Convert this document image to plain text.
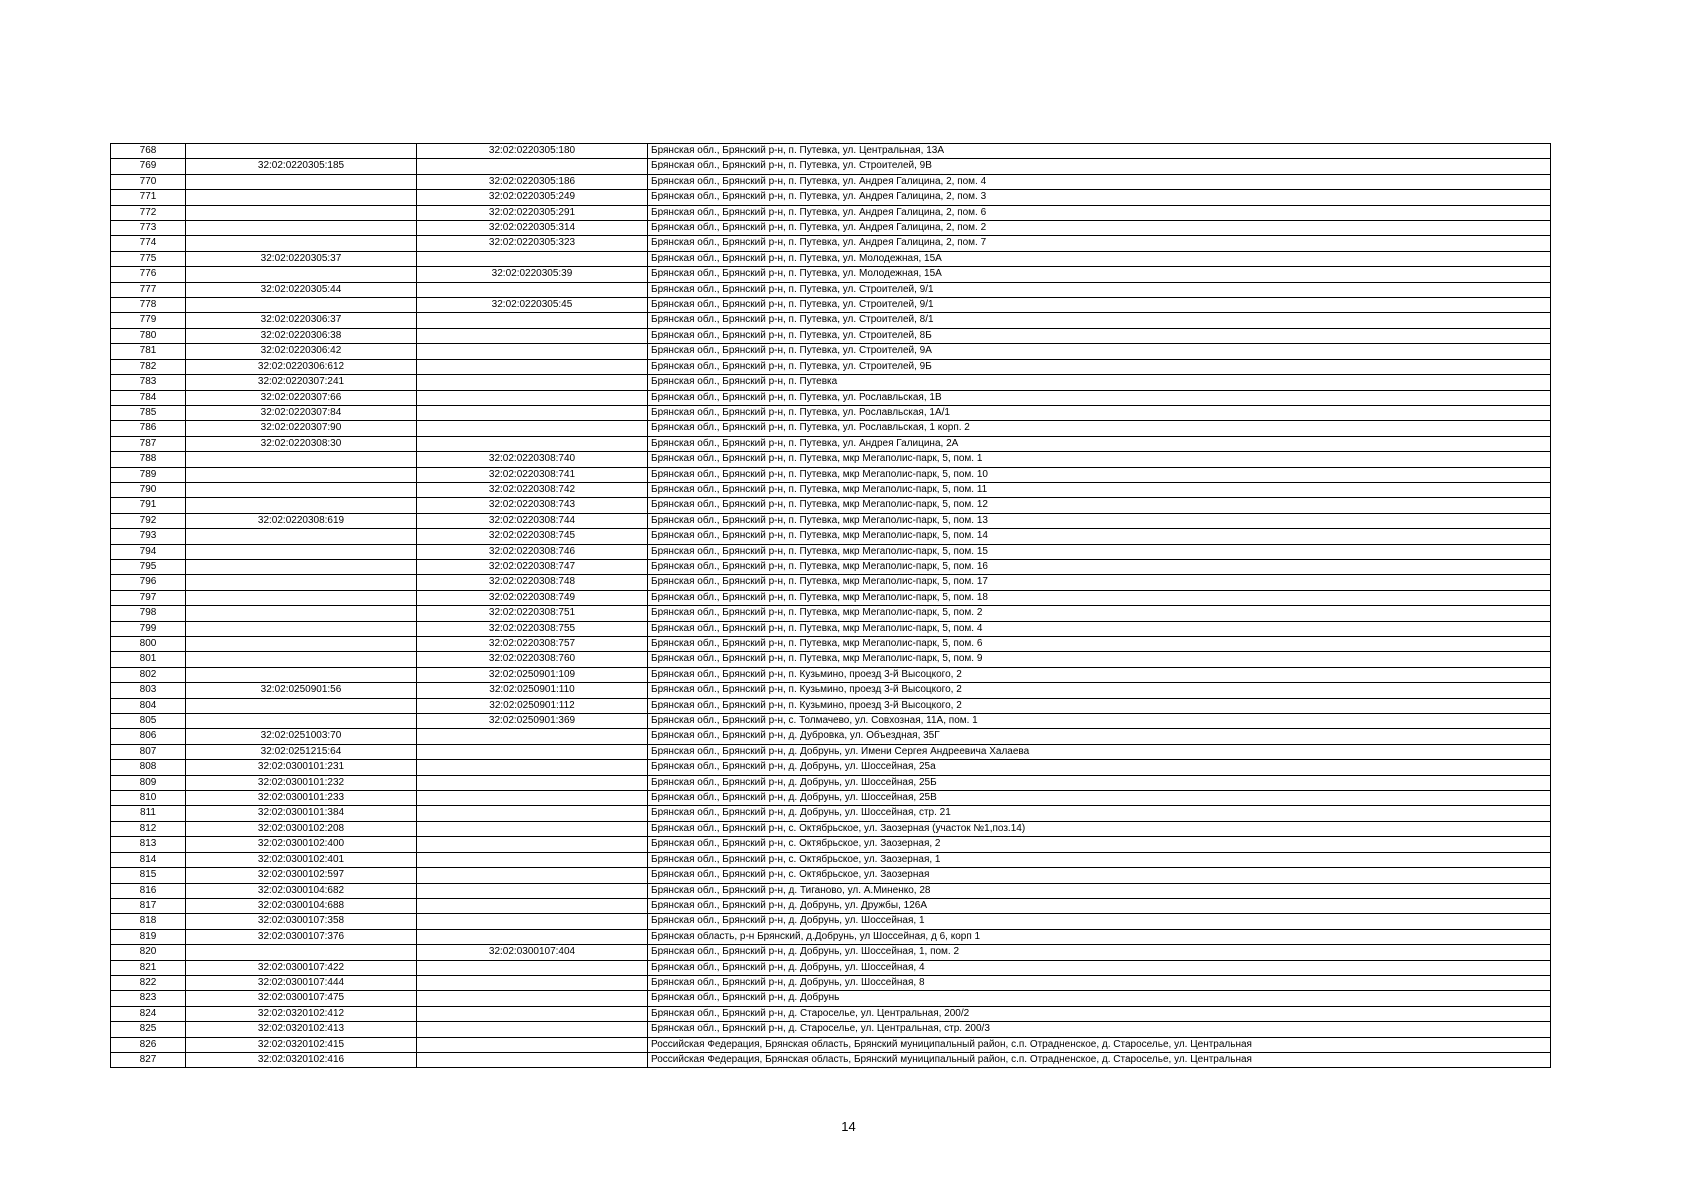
768		32:02:0220305:180	Брянская обл., Брянский р-н, п. Путевка, ул. Центральная, 13А
769	32:02:0220305:185		Брянская обл., Брянский р-н, п. Путевка, ул. Строителей, 9В
770		32:02:0220305:186	Брянская обл., Брянский р-н, п. Путевка, ул. Андрея Галицина, 2, пом. 4
771		32:02:0220305:249	Брянская обл., Брянский р-н, п. Путевка, ул. Андрея Галицина, 2, пом. 3
772		32:02:0220305:291	Брянская обл., Брянский р-н, п. Путевка, ул. Андрея Галицина, 2, пом. 6
773		32:02:0220305:314	Брянская обл., Брянский р-н, п. Путевка, ул. Андрея Галицина, 2, пом. 2
774		32:02:0220305:323	Брянская обл., Брянский р-н, п. Путевка, ул. Андрея Галицина, 2, пом. 7
775	32:02:0220305:37		Брянская обл., Брянский р-н, п. Путевка, ул. Молодежная, 15А
776		32:02:0220305:39	Брянская обл., Брянский р-н, п. Путевка, ул. Молодежная, 15А
777	32:02:0220305:44		Брянская обл., Брянский р-н, п. Путевка, ул. Строителей, 9/1
778		32:02:0220305:45	Брянская обл., Брянский р-н, п. Путевка, ул. Строителей, 9/1
779	32:02:0220306:37		Брянская обл., Брянский р-н, п. Путевка, ул. Строителей, 8/1
780	32:02:0220306:38		Брянская обл., Брянский р-н, п. Путевка, ул. Строителей, 8Б
781	32:02:0220306:42		Брянская обл., Брянский р-н, п. Путевка, ул. Строителей, 9А
782	32:02:0220306:612		Брянская обл., Брянский р-н, п. Путевка, ул. Строителей, 9Б
783	32:02:0220307:241		Брянская обл., Брянский р-н, п. Путевка
784	32:02:0220307:66		Брянская обл., Брянский р-н, п. Путевка, ул. Рославльская, 1В
785	32:02:0220307:84		Брянская обл., Брянский р-н, п. Путевка, ул. Рославльская, 1А/1
786	32:02:0220307:90		Брянская обл., Брянский р-н, п. Путевка, ул. Рославльская, 1 корп. 2
787	32:02:0220308:30		Брянская обл., Брянский р-н, п. Путевка, ул. Андрея Галицина, 2А
788		32:02:0220308:740	Брянская обл., Брянский р-н, п. Путевка, мкр Мегаполис-парк, 5, пом. 1
789		32:02:0220308:741	Брянская обл., Брянский р-н, п. Путевка, мкр Мегаполис-парк, 5, пом. 10
790		32:02:0220308:742	Брянская обл., Брянский р-н, п. Путевка, мкр Мегаполис-парк, 5, пом. 11
791		32:02:0220308:743	Брянская обл., Брянский р-н, п. Путевка, мкр Мегаполис-парк, 5, пом. 12
792	32:02:0220308:619	32:02:0220308:744	Брянская обл., Брянский р-н, п. Путевка, мкр Мегаполис-парк, 5, пом. 13
793		32:02:0220308:745	Брянская обл., Брянский р-н, п. Путевка, мкр Мегаполис-парк, 5, пом. 14
794		32:02:0220308:746	Брянская обл., Брянский р-н, п. Путевка, мкр Мегаполис-парк, 5, пом. 15
795		32:02:0220308:747	Брянская обл., Брянский р-н, п. Путевка, мкр Мегаполис-парк, 5, пом. 16
796		32:02:0220308:748	Брянская обл., Брянский р-н, п. Путевка, мкр Мегаполис-парк, 5, пом. 17
797		32:02:0220308:749	Брянская обл., Брянский р-н, п. Путевка, мкр Мегаполис-парк, 5, пом. 18
798		32:02:0220308:751	Брянская обл., Брянский р-н, п. Путевка, мкр Мегаполис-парк, 5, пом. 2
799		32:02:0220308:755	Брянская обл., Брянский р-н, п. Путевка, мкр Мегаполис-парк, 5, пом. 4
800		32:02:0220308:757	Брянская обл., Брянский р-н, п. Путевка, мкр Мегаполис-парк, 5, пом. 6
801		32:02:0220308:760	Брянская обл., Брянский р-н, п. Путевка, мкр Мегаполис-парк, 5, пом. 9
802		32:02:0250901:109	Брянская обл., Брянский р-н, п. Кузьмино, проезд 3-й Высоцкого, 2
803	32:02:0250901:56	32:02:0250901:110	Брянская обл., Брянский р-н, п. Кузьмино, проезд 3-й Высоцкого, 2
804		32:02:0250901:112	Брянская обл., Брянский р-н, п. Кузьмино, проезд 3-й Высоцкого, 2
805		32:02:0250901:369	Брянская обл., Брянский р-н, с. Толмачево, ул. Совхозная, 11А, пом. 1
806	32:02:0251003:70		Брянская обл., Брянский р-н, д. Дубровка, ул. Объездная, 35Г
807	32:02:0251215:64		Брянская обл., Брянский р-н, д. Добрунь, ул. Имени Сергея Андреевича Халаева
808	32:02:0300101:231		Брянская обл., Брянский р-н, д. Добрунь, ул. Шоссейная, 25а
809	32:02:0300101:232		Брянская обл., Брянский р-н, д. Добрунь, ул. Шоссейная, 25Б
810	32:02:0300101:233		Брянская обл., Брянский р-н, д. Добрунь, ул. Шоссейная, 25В
811	32:02:0300101:384		Брянская обл., Брянский р-н, д. Добрунь, ул. Шоссейная, стр. 21
812	32:02:0300102:208		Брянская обл., Брянский р-н, с. Октябрьское, ул. Заозерная (участок №1,поз.14)
813	32:02:0300102:400		Брянская обл., Брянский р-н, с. Октябрьское, ул. Заозерная, 2
814	32:02:0300102:401		Брянская обл., Брянский р-н, с. Октябрьское, ул. Заозерная, 1
815	32:02:0300102:597		Брянская обл., Брянский р-н, с. Октябрьское, ул. Заозерная
816	32:02:0300104:682		Брянская обл., Брянский р-н, д. Тиганово, ул. А.Миненко, 28
817	32:02:0300104:688		Брянская обл., Брянский р-н, д. Добрунь, ул. Дружбы, 126А
818	32:02:0300107:358		Брянская обл., Брянский р-н, д. Добрунь, ул. Шоссейная, 1
819	32:02:0300107:376		Брянская область, р-н Брянский, д.Добрунь, ул Шоссейная, д 6, корп 1
820		32:02:0300107:404	Брянская обл., Брянский р-н, д. Добрунь, ул. Шоссейная, 1, пом. 2
821	32:02:0300107:422		Брянская обл., Брянский р-н, д. Добрунь, ул. Шоссейная, 4
822	32:02:0300107:444		Брянская обл., Брянский р-н, д. Добрунь, ул. Шоссейная, 8
823	32:02:0300107:475		Брянская обл., Брянский р-н, д. Добрунь
824	32:02:0320102:412		Брянская обл., Брянский р-н, д. Староселье, ул. Центральная, 200/2
825	32:02:0320102:413		Брянская обл., Брянский р-н, д. Староселье, ул. Центральная, стр. 200/3
826	32:02:0320102:415		Российская Федерация, Брянская область, Брянский муниципальный район, с.п. Отрадненское, д. Староселье, ул. Центральная
827	32:02:0320102:416		Российская Федерация, Брянская область, Брянский муниципальный район, с.п. Отрадненское, д. Староселье, ул. Центральная
14
